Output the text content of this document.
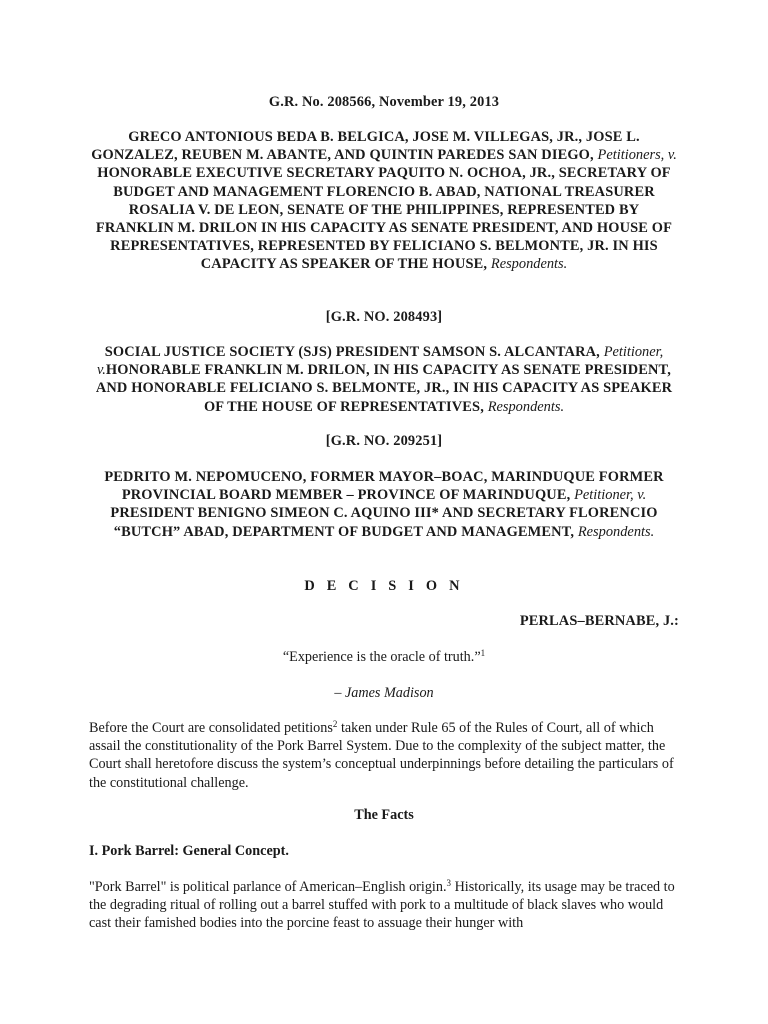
G.R. No. 208566, November 19, 2013

GRECO ANTONIOUS BEDA B. BELGICA, JOSE M. VILLEGAS, JR., JOSE L. GONZALEZ, REUBEN M. ABANTE, AND QUINTIN PAREDES SAN DIEGO, Petitioners, v. HONORABLE EXECUTIVE SECRETARY PAQUITO N. OCHOA, JR., SECRETARY OF BUDGET AND MANAGEMENT FLORENCIO B. ABAD, NATIONAL TREASURER ROSALIA V. DE LEON, SENATE OF THE PHILIPPINES, REPRESENTED BY FRANKLIN M. DRILON IN HIS CAPACITY AS SENATE PRESIDENT, AND HOUSE OF REPRESENTATIVES, REPRESENTED BY FELICIANO S. BELMONTE, JR. IN HIS CAPACITY AS SPEAKER OF THE HOUSE, Respondents.

[G.R. NO. 208493]

SOCIAL JUSTICE SOCIETY (SJS) PRESIDENT SAMSON S. ALCANTARA, Petitioner, v.HONORABLE FRANKLIN M. DRILON, IN HIS CAPACITY AS SENATE PRESIDENT, AND HONORABLE FELICIANO S. BELMONTE, JR., IN HIS CAPACITY AS SPEAKER OF THE HOUSE OF REPRESENTATIVES, Respondents.

[G.R. NO. 209251]

PEDRITO M. NEPOMUCENO, FORMER MAYOR–BOAC, MARINDUQUE FORMER PROVINCIAL BOARD MEMBER – PROVINCE OF MARINDUQUE, Petitioner, v. PRESIDENT BENIGNO SIMEON C. AQUINO III* AND SECRETARY FLORENCIO “BUTCH” ABAD, DEPARTMENT OF BUDGET AND MANAGEMENT, Respondents.

D E C I S I O N

PERLAS–BERNABE, J.:

“Experience is the oracle of truth.”$^1$

– James Madison

Before the Court are consolidated petitions$^2$ taken under Rule 65 of the Rules of Court, all of which assail the constitutionality of the Pork Barrel System. Due to the complexity of the subject matter, the Court shall heretofore discuss the system’s conceptual underpinnings before detailing the particulars of the constitutional challenge.

The Facts

I. Pork Barrel: General Concept.

"Pork Barrel" is political parlance of American–English origin.$^3$ Historically, its usage may be traced to the degrading ritual of rolling out a barrel stuffed with pork to a multitude of black slaves who would cast their famished bodies into the porcine feast to assuage their hunger with
